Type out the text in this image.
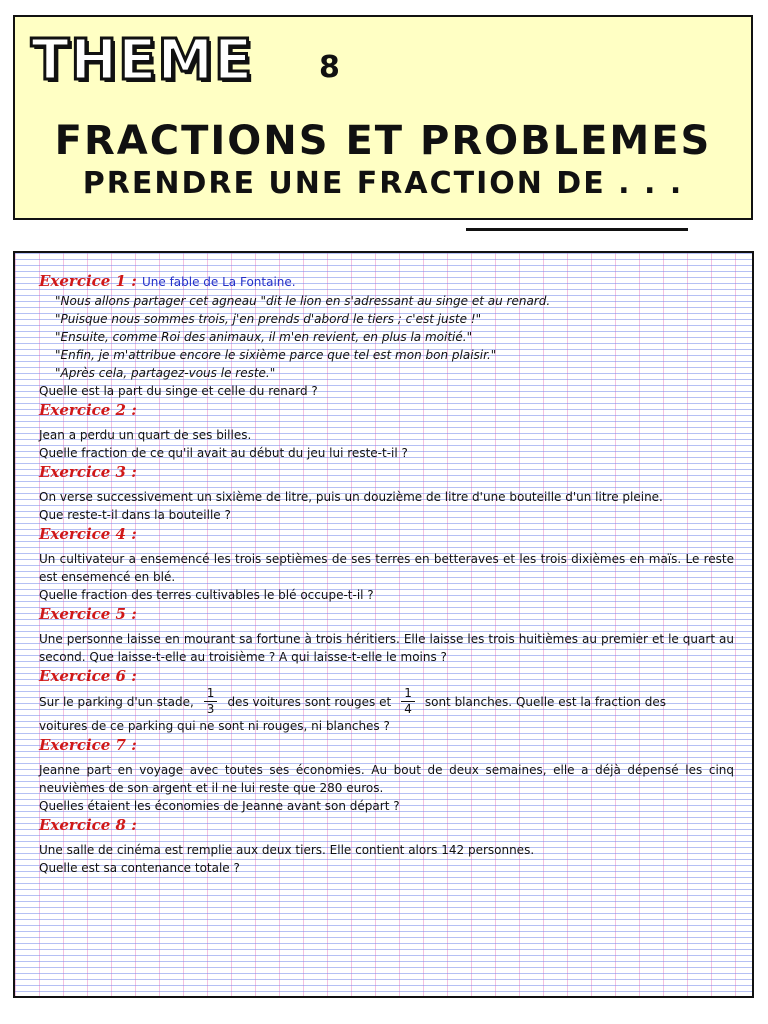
THEME 8
FRACTIONS ET PROBLEMES
PRENDRE UNE FRACTION DE . . .

Exercice 1 : Une fable de La Fontaine.

"Nous allons partager cet agneau "dit le lion en s'adressant au singe et au renard.

"Puisque nous sommes trois, j'en prends d'abord le tiers ; c'est juste !"

"Ensuite, comme Roi des animaux, il m'en revient, en plus la moitié."

"Enfin, je m'attribue encore le sixième parce que tel est mon bon plaisir."

"Après cela, partagez-vous le reste."

Quelle est la part du singe et celle du renard ?

Exercice 2 :

Jean a perdu un quart de ses billes.

Quelle fraction de ce qu'il avait au début du jeu lui reste-t-il ?

Exercice 3 :

On verse successivement un sixième de litre, puis un douzième de litre d'une bouteille d'un litre pleine.

Que reste-t-il dans la bouteille ?

Exercice 4 :

Un cultivateur a ensemencé les trois septièmes de ses terres en betteraves et les trois dixièmes en maïs. Le reste est ensemencé en blé.

Quelle fraction des terres cultivables le blé occupe-t-il ?

Exercice 5 :

Une personne laisse en mourant sa fortune à trois héritiers. Elle laisse les trois huitièmes au premier et le quart au second. Que laisse-t-elle au troisième ? A qui laisse-t-elle le moins ?

Exercice 6 :

Sur le parking d'un stade, $\frac{1}{3}$ des voitures sont rouges et $\frac{1}{4}$ sont blanches. Quelle est la fraction des

voitures de ce parking qui ne sont ni rouges, ni blanches ?

Exercice 7 :

Jeanne part en voyage avec toutes ses économies. Au bout de deux semaines, elle a déjà dépensé les cinq neuvièmes de son argent et il ne lui reste que 280 euros.

Quelles étaient les économies de Jeanne avant son départ ?

Exercice 8 :

Une salle de cinéma est remplie aux deux tiers. Elle contient alors 142 personnes.

Quelle est sa contenance totale ?
